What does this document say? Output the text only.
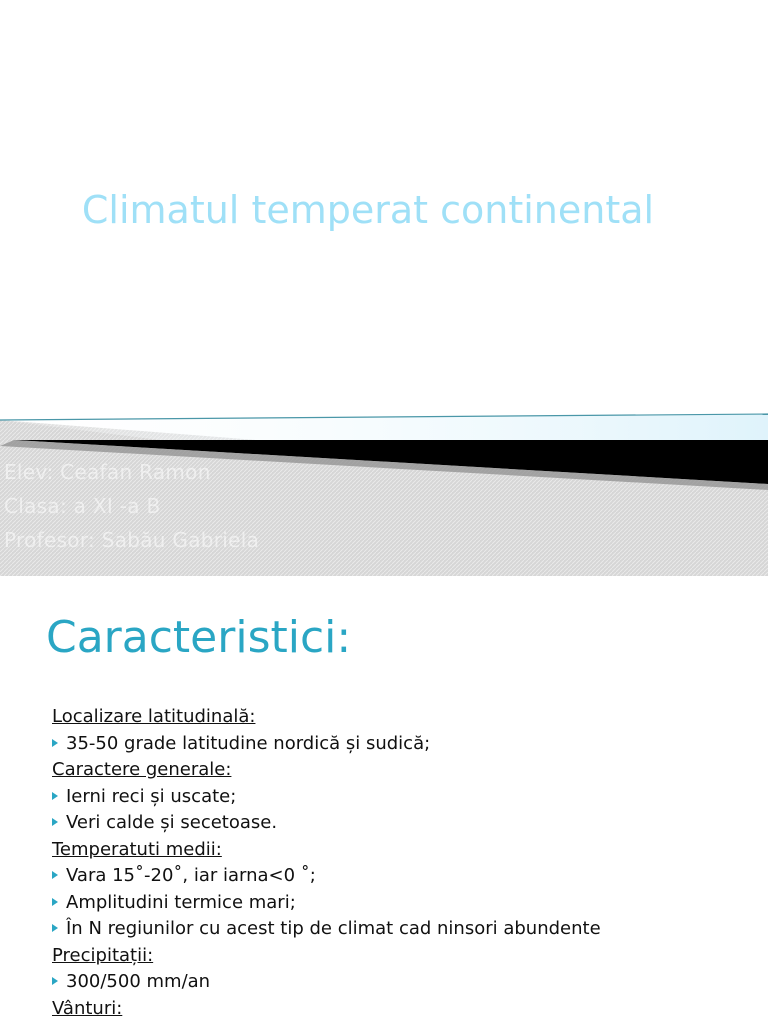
Climatul temperat continental
Elev: Ceafan Ramon
Clasa: a XI -a B
Profesor: Sabău Gabriela
Caracteristici:
Localizare latitudinală:
35-50 grade latitudine nordică și sudică;
Caractere generale:
Ierni reci și uscate;
Veri calde și secetoase.
Temperatuti medii:
Vara 15˚-20˚, iar iarna<0 ˚;
Amplitudini termice mari;
În N regiunilor cu acest tip de climat cad ninsori abundente
Precipitații:
300/500 mm/an
Vânturi:
